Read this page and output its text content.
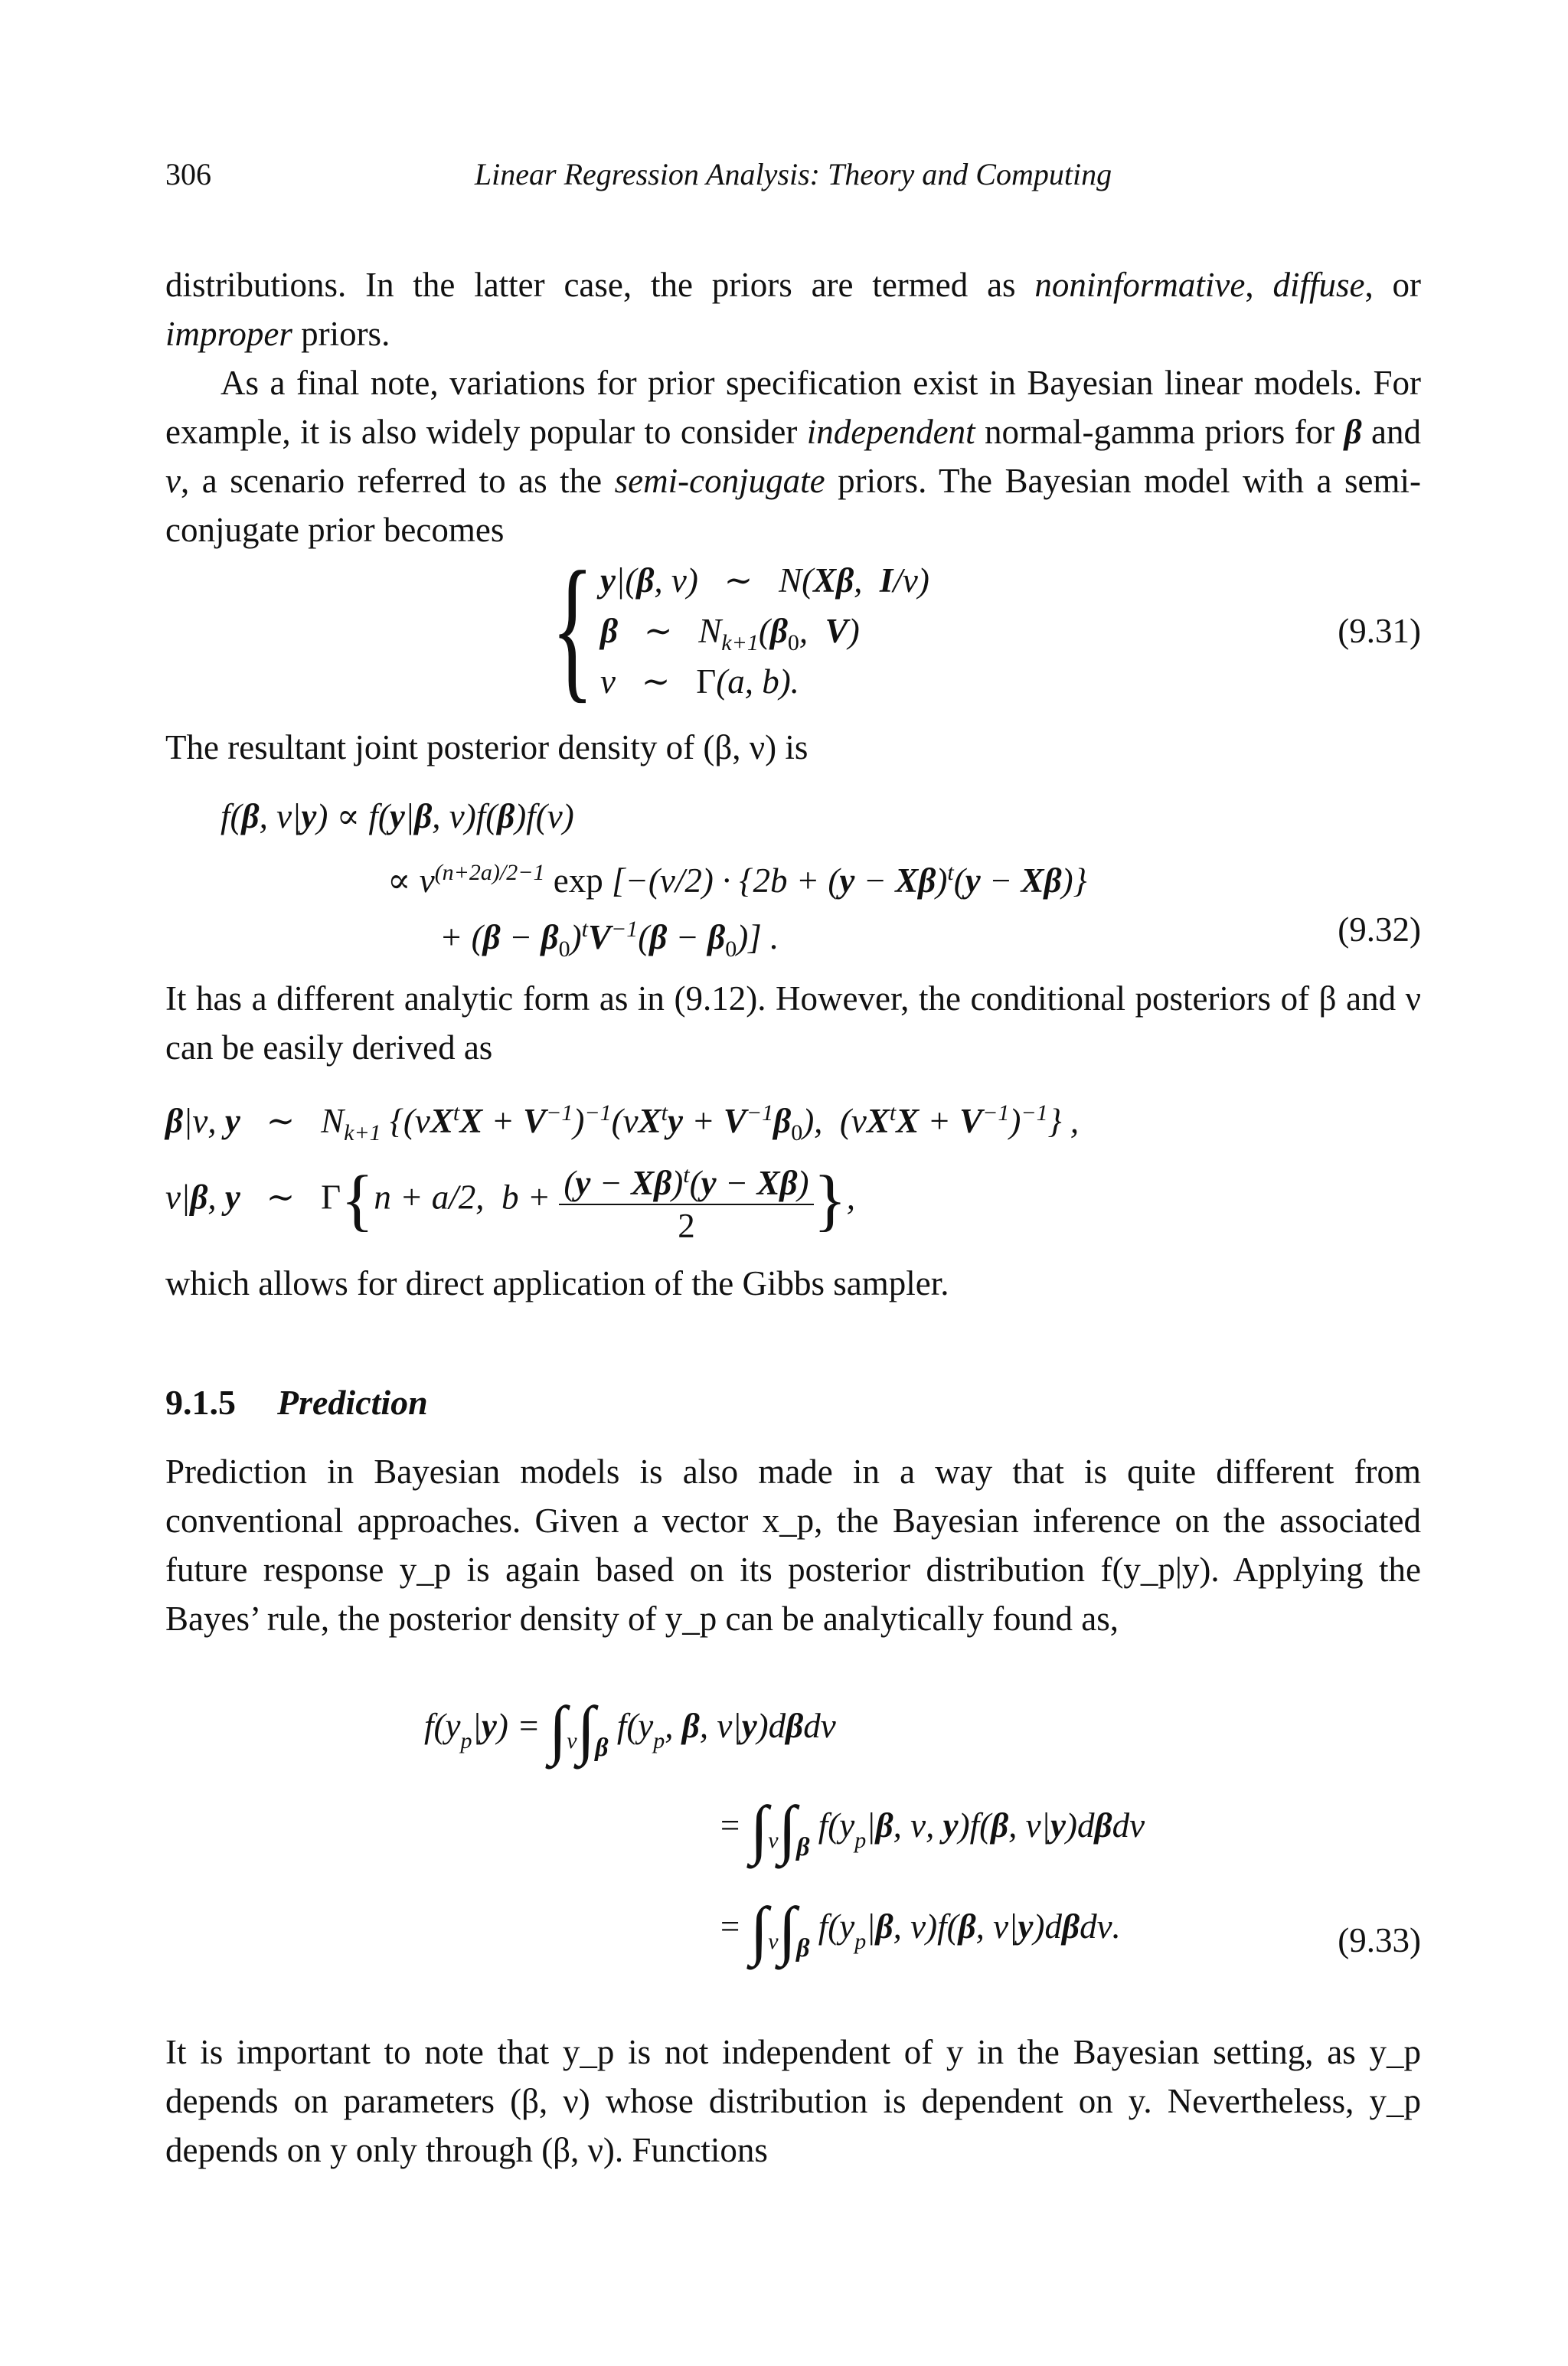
306	Linear Regression Analysis: Theory and Computing

distributions. In the latter case, the priors are termed as noninformative, diffuse, or improper priors.

As a final note, variations for prior specification exist in Bayesian linear models. For example, it is also widely popular to consider independent normal-gamma priors for β and ν, a scenario referred to as the semi-conjugate priors. The Bayesian model with a semi-conjugate prior becomes

{ y|(β, ν)   ∼   N(Xβ,  I/ν)
β   ∼   $N_{k+1}(\beta_0$,  V)
ν   ∼   Γ(a, b).
(9.31)

The resultant joint posterior density of (β, ν) is

f(β, ν|y) ∝ f(y|β, ν)f(β)f(ν)
∝ $\nu^{(n+2a)/2-1}$ $\exp [-(\nu/2) \cdot \{2b + (y - X\beta)^t(y - X\beta)\}$
+ $(\beta - \beta_0)^tV^{-1}(\beta - \beta_0)$] .	(9.32)

It has a different analytic form as in (9.12). However, the conditional posteriors of β and ν can be easily derived as

β|ν, y   ∼   $N_{k+1}$ {$(\nu X^tX + V^{-1})^{-1}(\nu X^ty + V^{-1}\beta_0)$,  $(\nu X^tX + V^{-1})^{-1}$} ,
ν|β, y   ∼   Γ{n + a/2,  $b + \frac{(y - X\beta)^t(y - X\beta)}{2}$ },

which allows for direct application of the Gibbs sampler.

9.1.5 Prediction

Prediction in Bayesian models is also made in a way that is quite different from conventional approaches. Given a vector x_p, the Bayesian inference on the associated future response y_p is again based on its posterior distribution f(y_p|y). Applying the Bayes’ rule, the posterior density of y_p can be analytically found as,

$f(y_p|y) = \int_\nu\int_\beta$ $f(y_p$, β, ν|y)dβdν
= $\int_\nu\int_\beta$ $f(y_p|\beta$, ν, y)f(β, ν|y)dβdν
= $\int_\nu\int_\beta$ $f(y_p|\beta$, ν)f(β, ν|y)dβdν.	(9.33)

It is important to note that y_p is not independent of y in the Bayesian setting, as y_p depends on parameters (β, ν) whose distribution is dependent on y. Nevertheless, y_p depends on y only through (β, ν). Functions
